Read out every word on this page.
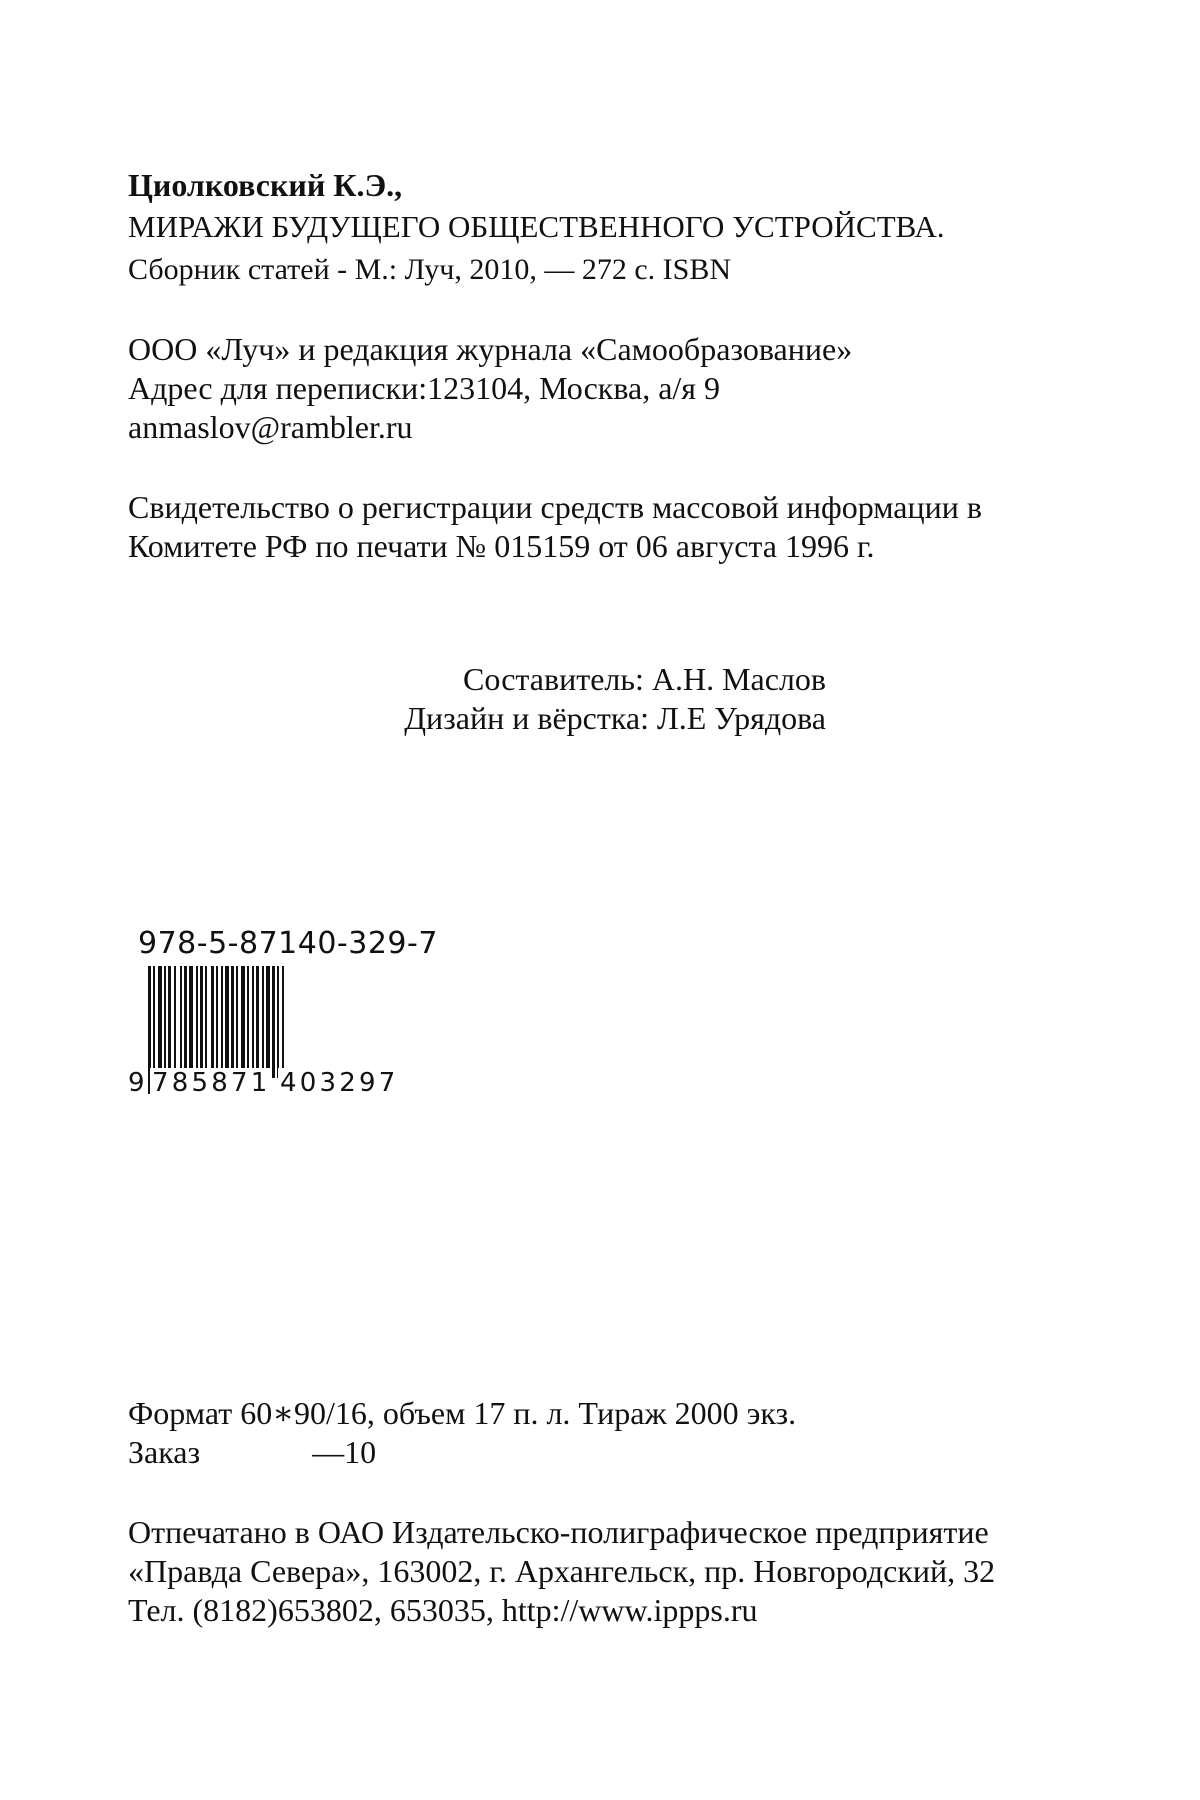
Циолковский К.Э.,
МИРАЖИ БУДУЩЕГО ОБЩЕСТВЕННОГО УСТРОЙСТВА.
Сборник статей - М.: Луч, 2010, — 272 с. ISBN
ООО «Луч» и редакция журнала «Самообразование»
Адрес для переписки:123104, Москва, а/я 9
anmaslov@rambler.ru
Свидетельство о регистрации средств массовой информации в
Комитете РФ по печати № 015159 от 06 августа 1996 г.
Составитель: А.Н. Маслов
Дизайн и вёрстка: Л.Е Урядова
978-5-87140-329-7
9 785871 403297
Формат 60∗90/16, объем 17 п. л. Тираж 2000 экз.
Заказ	—10
Отпечатано в ОАО Издательско-полиграфическое предприятие
«Правда Севера», 163002, г. Архангельск, пр. Новгородский, 32
Тел. (8182)653802, 653035, http://www.ippps.ru
